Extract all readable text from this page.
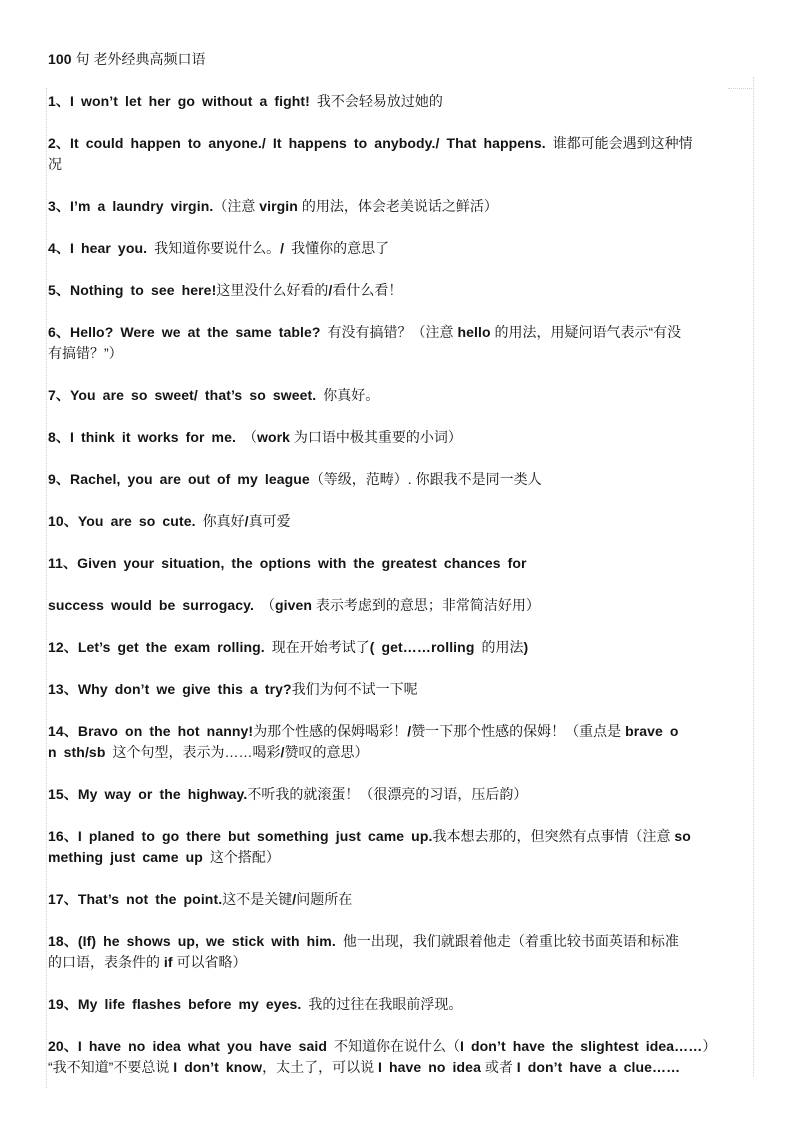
100 句 老外经典高频口语

1、I won’t let her go without a fight! 我不会轻易放过她的

2、It could happen to anyone./ It happens to anybody./ That happens. 谁都可能会遇到这种情
况

3、I’m a laundry virgin.（注意 virgin 的用法，体会老美说话之鲜活）

4、I hear you. 我知道你要说什么。/ 我懂你的意思了

5、Nothing to see here!这里没什么好看的/看什么看！

6、Hello? Were we at the same table? 有没有搞错？（注意 hello 的用法，用疑问语气表示“有没
有搞错？”）

7、You are so sweet/ that’s so sweet. 你真好。

8、I think it works for me. （work 为口语中极其重要的小词）

9、Rachel, you are out of my league（等级，范畴）. 你跟我不是同一类人

10、You are so cute. 你真好/真可爱

11、Given your situation, the options with the greatest chances for

success would be surrogacy. （given 表示考虑到的意思；非常简洁好用）

12、Let’s get the exam rolling. 现在开始考试了( get……rolling 的用法)

13、Why don’t we give this a try?我们为何不试一下呢

14、Bravo on the hot nanny!为那个性感的保姆喝彩！/赞一下那个性感的保姆！（重点是 brave o
n sth/sb 这个句型，表示为……喝彩/赞叹的意思）

15、My way or the highway.不听我的就滚蛋！（很漂亮的习语，压后韵）

16、I planed to go there but something just came up.我本想去那的，但突然有点事情（注意 so
mething just came up 这个搭配）

17、That’s not the point.这不是关键/问题所在

18、(If) he shows up, we stick with him. 他一出现，我们就跟着他走（着重比较书面英语和标准
的口语，表条件的 if 可以省略）

19、My life flashes before my eyes. 我的过往在我眼前浮现。

20、I have no idea what you have said 不知道你在说什么（I don’t have the slightest idea……）
“我不知道”不要总说 I don’t know，太土了，可以说 I have no idea 或者 I don’t have a clue……
